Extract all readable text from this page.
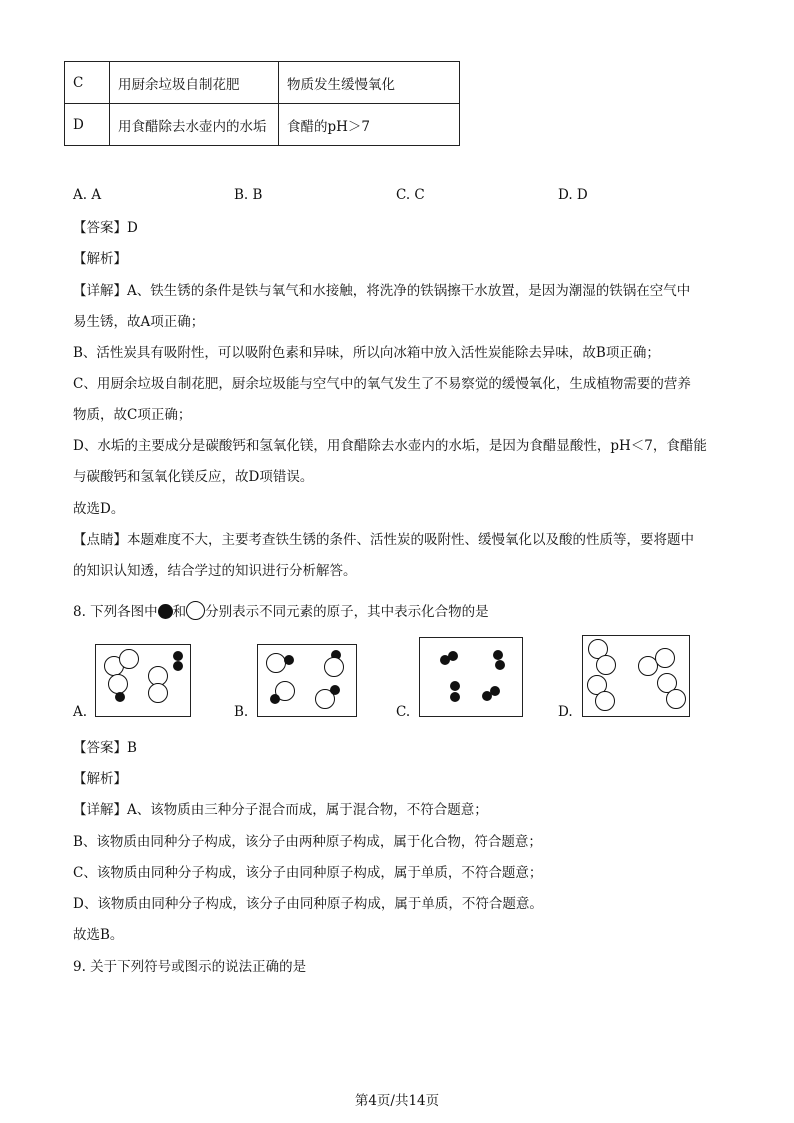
C	用厨余垃圾自制花肥	物质发生缓慢氧化
D	用食醋除去水壶内的水垢	食醋的pH＞7
A. A	B. B	C. C	D. D
【答案】D
【解析】
【详解】A、铁生锈的条件是铁与氧气和水接触，将洗净的铁锅擦干水放置，是因为潮湿的铁锅在空气中
易生锈，故A项正确；
B、活性炭具有吸附性，可以吸附色素和异味，所以向冰箱中放入活性炭能除去异味，故B项正确；
C、用厨余垃圾自制花肥，厨余垃圾能与空气中的氧气发生了不易察觉的缓慢氧化，生成植物需要的营养
物质，故C项正确；
D、水垢的主要成分是碳酸钙和氢氧化镁，用食醋除去水壶内的水垢，是因为食醋显酸性，pH＜7，食醋能
与碳酸钙和氢氧化镁反应，故D项错误。
故选D。
【点睛】本题难度不大，主要考查铁生锈的条件、活性炭的吸附性、缓慢氧化以及酸的性质等，要将题中
的知识认知透，结合学过的知识进行分析解答。
8. 下列各图中 和 分别表示不同元素的原子，其中表示化合物的是
A.	B.	C.	D.
【答案】B
【解析】
【详解】A、该物质由三种分子混合而成，属于混合物，不符合题意；
B、该物质由同种分子构成，该分子由两种原子构成，属于化合物，符合题意；
C、该物质由同种分子构成，该分子由同种原子构成，属于单质，不符合题意；
D、该物质由同种分子构成，该分子由同种原子构成，属于单质，不符合题意。
故选B。
9. 关于下列符号或图示的说法正确的是
第4页/共14页
